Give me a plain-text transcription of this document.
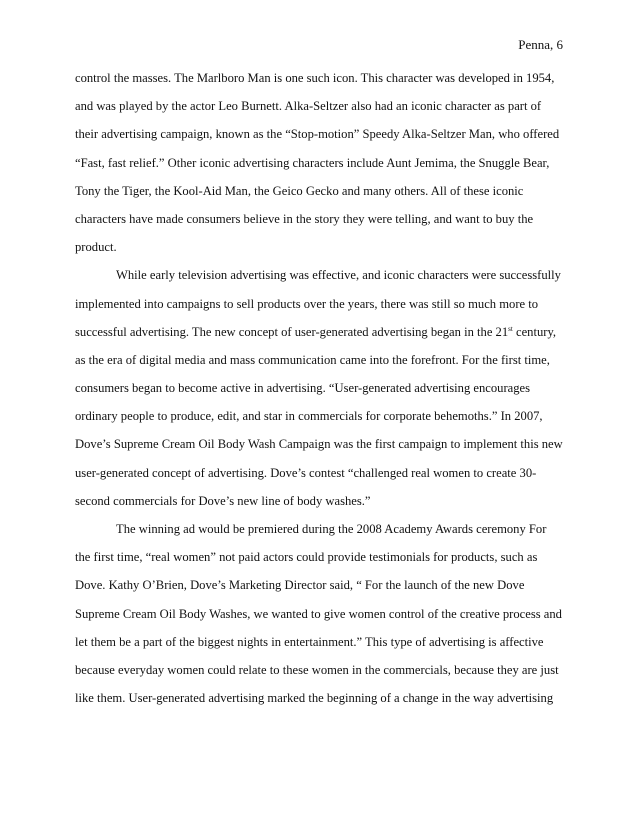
Penna, 6
control the masses. The Marlboro Man is one such icon. This character was developed in 1954,
and was played by the actor Leo Burnett. Alka-Seltzer also had an iconic character as part of
their advertising campaign, known as the “Stop-motion” Speedy Alka-Seltzer Man, who offered
“Fast, fast relief.” Other iconic advertising characters include Aunt Jemima, the Snuggle Bear,
Tony the Tiger, the Kool-Aid Man, the Geico Gecko and many others. All of these iconic
characters have made consumers believe in the story they were telling, and want to buy the
product.
While early television advertising was effective, and iconic characters were successfully
implemented into campaigns to sell products over the years, there was still so much more to
successful advertising. The new concept of user-generated advertising began in the 21st century,
as the era of digital media and mass communication came into the forefront. For the first time,
consumers began to become active in advertising. “User-generated advertising encourages
ordinary people to produce, edit, and star in commercials for corporate behemoths.” In 2007,
Dove’s Supreme Cream Oil Body Wash Campaign was the first campaign to implement this new
user-generated concept of advertising. Dove’s contest “challenged real women to create 30-
second commercials for Dove’s new line of body washes.”
The winning ad would be premiered during the 2008 Academy Awards ceremony For
the first time, “real women” not paid actors could provide testimonials for products, such as
Dove. Kathy O’Brien, Dove’s Marketing Director said, “ For the launch of the new Dove
Supreme Cream Oil Body Washes, we wanted to give women control of the creative process and
let them be a part of the biggest nights in entertainment.” This type of advertising is affective
because everyday women could relate to these women in the commercials, because they are just
like them. User-generated advertising marked the beginning of a change in the way advertising
